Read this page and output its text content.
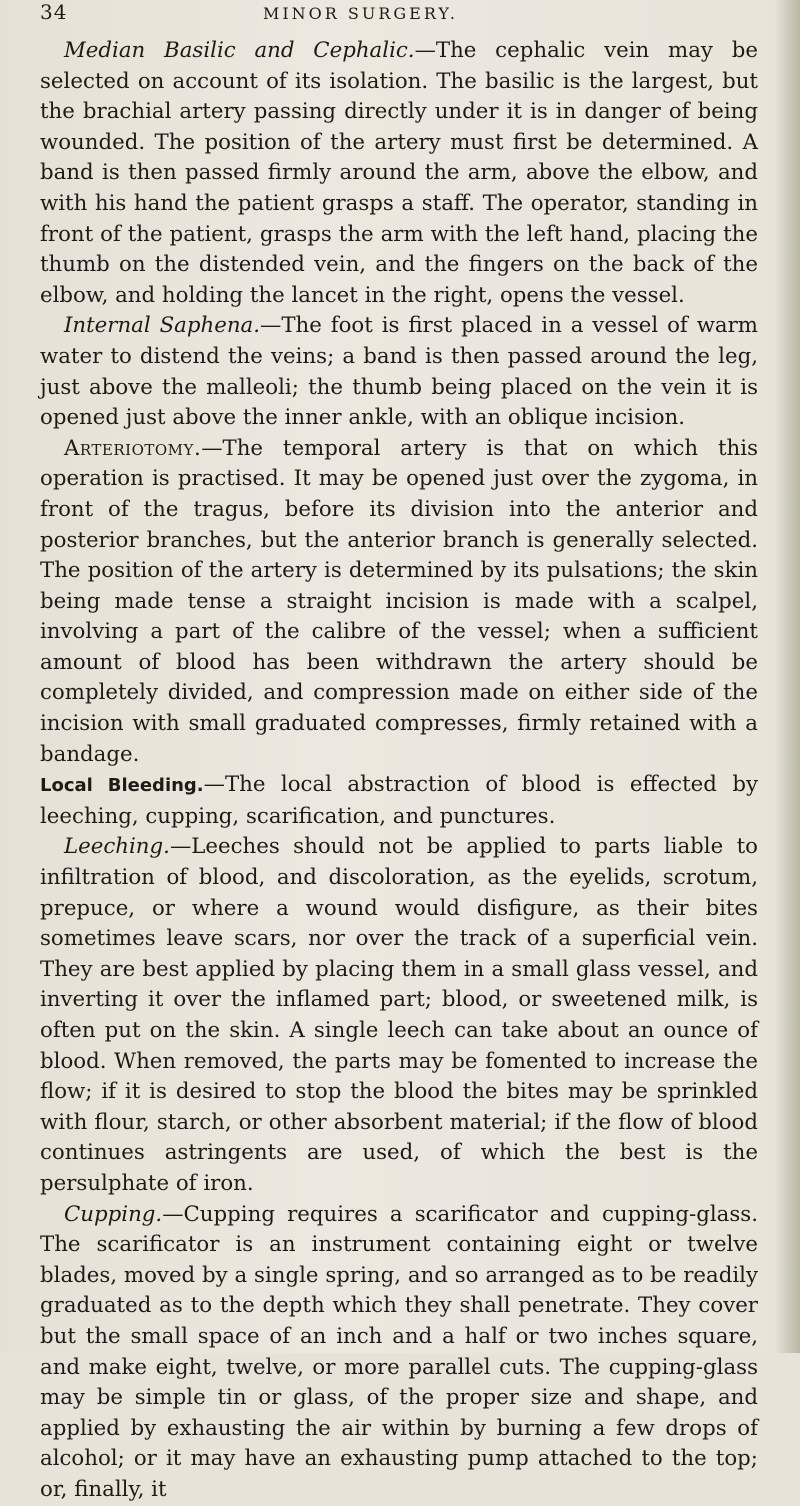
34	MINOR SURGERY.

Median Basilic and Cephalic.—The cephalic vein may be selected on account of its isolation. The basilic is the largest, but the brachial artery passing directly under it is in danger of being wounded. The position of the artery must first be determined. A band is then passed firmly around the arm, above the elbow, and with his hand the patient grasps a staff. The operator, standing in front of the patient, grasps the arm with the left hand, placing the thumb on the distended vein, and the fingers on the back of the elbow, and holding the lancet in the right, opens the vessel.

Internal Saphena.—The foot is first placed in a vessel of warm water to distend the veins; a band is then passed around the leg, just above the malleoli; the thumb being placed on the vein it is opened just above the inner ankle, with an oblique incision.

Arteriotomy.—The temporal artery is that on which this operation is practised. It may be opened just over the zygoma, in front of the tragus, before its division into the anterior and posterior branches, but the anterior branch is generally selected. The position of the artery is determined by its pulsations; the skin being made tense a straight incision is made with a scalpel, involving a part of the calibre of the vessel; when a sufficient amount of blood has been withdrawn the artery should be completely divided, and compression made on either side of the incision with small graduated compresses, firmly retained with a bandage.

Local Bleeding.—The local abstraction of blood is effected by leeching, cupping, scarification, and punctures.

Leeching.—Leeches should not be applied to parts liable to infiltration of blood, and discoloration, as the eyelids, scrotum, prepuce, or where a wound would disfigure, as their bites sometimes leave scars, nor over the track of a superficial vein. They are best applied by placing them in a small glass vessel, and inverting it over the inflamed part; blood, or sweetened milk, is often put on the skin. A single leech can take about an ounce of blood. When removed, the parts may be fomented to increase the flow; if it is desired to stop the blood the bites may be sprinkled with flour, starch, or other absorbent material; if the flow of blood continues astringents are used, of which the best is the persulphate of iron.

Cupping.—Cupping requires a scarificator and cupping-glass. The scarificator is an instrument containing eight or twelve blades, moved by a single spring, and so arranged as to be readily graduated as to the depth which they shall penetrate. They cover but the small space of an inch and a half or two inches square, and make eight, twelve, or more parallel cuts. The cupping-glass may be simple tin or glass, of the proper size and shape, and applied by exhausting the air within by burning a few drops of alcohol; or it may have an exhausting pump attached to the top; or, finally, it
